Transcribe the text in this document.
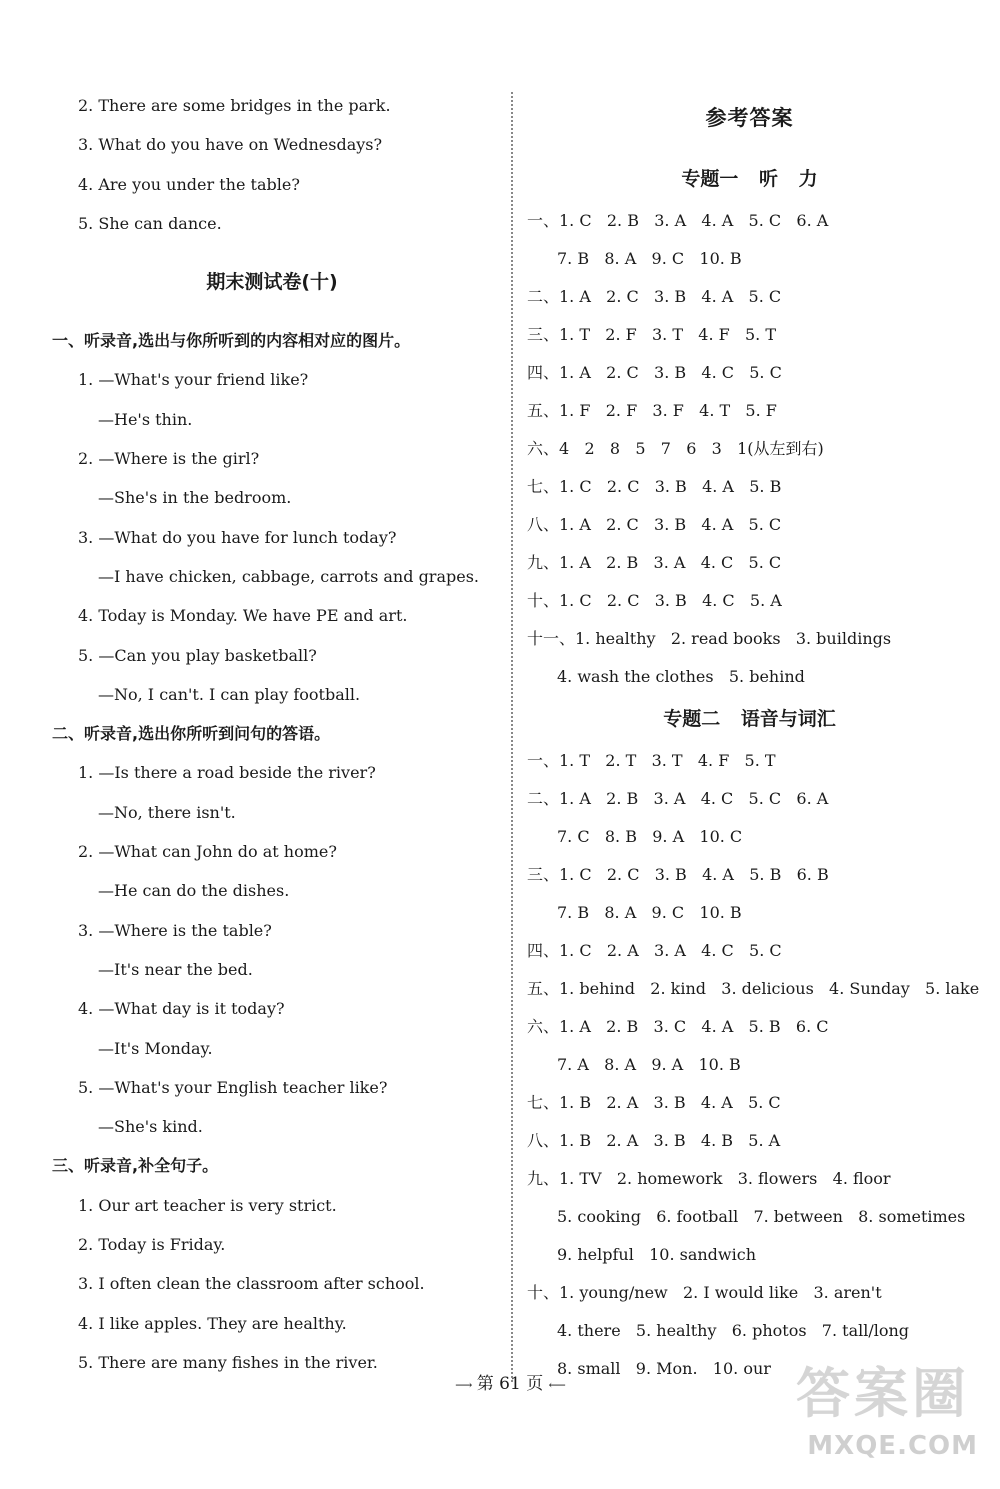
2. There are some bridges in the park.
3. What do you have on Wednesdays?
4. Are you under the table?
5. She can dance.
期末测试卷(十)
一、听录音,选出与你所听到的内容相对应的图片。
1. —What's your friend like?
—He's thin.
2. —Where is the girl?
—She's in the bedroom.
3. —What do you have for lunch today?
—I have chicken, cabbage, carrots and grapes.
4. Today is Monday. We have PE and art.
5. —Can you play basketball?
—No, I can't. I can play football.
二、听录音,选出你所听到问句的答语。
1. —Is there a road beside the river?
—No, there isn't.
2. —What can John do at home?
—He can do the dishes.
3. —Where is the table?
—It's near the bed.
4. —What day is it today?
—It's Monday.
5. —What's your English teacher like?
—She's kind.
三、听录音,补全句子。
1. Our art teacher is very strict.
2. Today is Friday.
3. I often clean the classroom after school.
4. I like apples. They are healthy.
5. There are many fishes in the river.
参考答案
专题一 听 力
一、1. C   2. B   3. A   4. A   5. C   6. A
7. B   8. A   9. C   10. B
二、1. A   2. C   3. B   4. A   5. C
三、1. T   2. F   3. T   4. F   5. T
四、1. A   2. C   3. B   4. C   5. C
五、1. F   2. F   3. F   4. T   5. F
六、4   2   8   5   7   6   3   1(从左到右)
七、1. C   2. C   3. B   4. A   5. B
八、1. A   2. C   3. B   4. A   5. C
九、1. A   2. B   3. A   4. C   5. C
十、1. C   2. C   3. B   4. C   5. A
十一、1. healthy   2. read books   3. buildings
4. wash the clothes   5. behind
专题二 语音与词汇
一、1. T   2. T   3. T   4. F   5. T
二、1. A   2. B   3. A   4. C   5. C   6. A
7. C   8. B   9. A   10. C
三、1. C   2. C   3. B   4. A   5. B   6. B
7. B   8. A   9. C   10. B
四、1. C   2. A   3. A   4. C   5. C
五、1. behind   2. kind   3. delicious   4. Sunday   5. lake
六、1. A   2. B   3. C   4. A   5. B   6. C
7. A   8. A   9. A   10. B
七、1. B   2. A   3. B   4. A   5. C
八、1. B   2. A   3. B   4. B   5. A
九、1. TV   2. homework   3. flowers   4. floor
5. cooking   6. football   7. between   8. sometimes
9. helpful   10. sandwich
十、1. young/new   2. I would like   3. aren't
4. there   5. healthy   6. photos   7. tall/long
8. small   9. Mon.   10. our
⟶ 第 61 页 ⟵	答案圈
MXQE.COM
